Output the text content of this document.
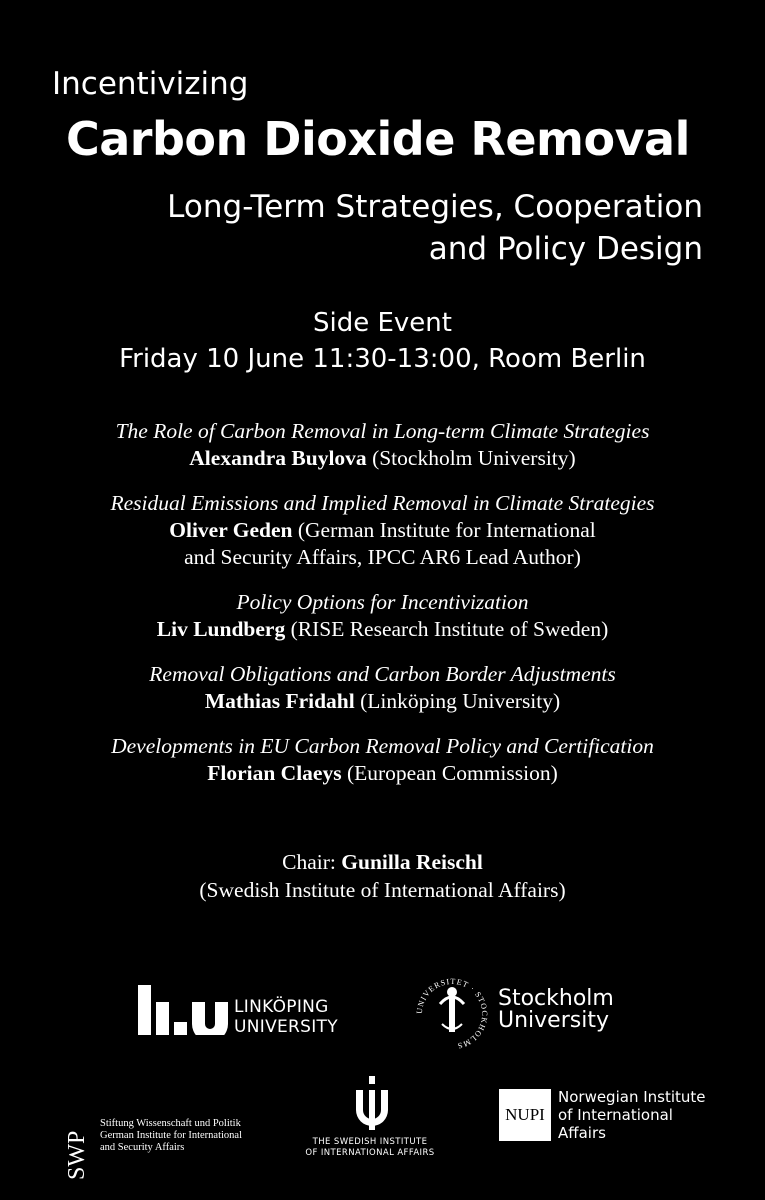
Incentivizing
Carbon Dioxide Removal
Long-Term Strategies, Cooperation
and Policy Design
Side Event
Friday 10 June 11:30-13:00, Room Berlin
The Role of Carbon Removal in Long-term Climate Strategies
Alexandra Buylova (Stockholm University)
Residual Emissions and Implied Removal in Climate Strategies
Oliver Geden (German Institute for International
and Security Affairs, IPCC AR6 Lead Author)
Policy Options for Incentivization
Liv Lundberg (RISE Research Institute of Sweden)
Removal Obligations and Carbon Border Adjustments
Mathias Fridahl (Linköping University)
Developments in EU Carbon Removal Policy and Certification
Florian Claeys (European Commission)
Chair: Gunilla Reischl
(Swedish Institute of International Affairs)
LINKÖPING
UNIVERSITY
UNIVERSITET · STOCKHOLMS
Stockholm
University
SWP
Stiftung Wissenschaft und Politik
German Institute for International
and Security Affairs	THE SWEDISH INSTITUTE
OF INTERNATIONAL AFFAIRS
NUPI
Norwegian Institute
of International
Affairs
